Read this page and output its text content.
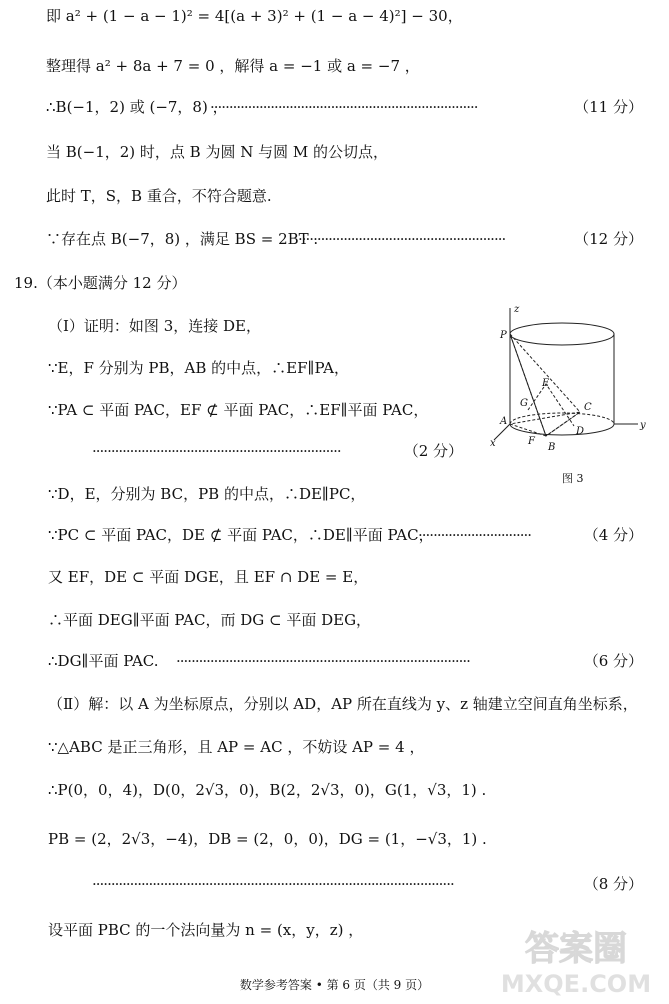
即 a² + (1 − a − 1)² = 4[(a + 3)² + (1 − a − 4)²] − 30，
整理得 a² + 8a + 7 = 0 ，解得 a = −1 或 a = −7 ，
∴B(−1，2) 或 (−7，8) ，
·······································································	（11 分）
当 B(−1，2) 时，点 B 为圆 N 与圆 M 的公切点，
此时 T，S，B 重合，不符合题意.
∵存在点 B(−7，8) ，满足 BS = 2BT .
·······················································	（12 分）
19.（本小题满分 12 分）
（Ⅰ）证明：如图 3，连接 DE，
∵E，F 分别为 PB，AB 的中点，∴EF∥PA，
∵PA ⊂ 平面 PAC，EF ⊄ 平面 PAC，∴EF∥平面 PAC，
··································································	（2 分）
∵D，E，分别为 BC，PB 的中点，∴DE∥PC，
∵PC ⊂ 平面 PAC，DE ⊄ 平面 PAC，∴DE∥平面 PAC，
······························	（4 分）
又 EF，DE ⊂ 平面 DGE，且 EF ∩ DE = E，
∴平面 DEG∥平面 PAC，而 DG ⊂ 平面 DEG，
∴DG∥平面 PAC. ··············································································	（6 分）
（Ⅱ）解：以 A 为坐标原点，分别以 AD，AP 所在直线为 y、z 轴建立空间直角坐标系，
∵△ABC 是正三角形，且 AP = AC ，不妨设 AP = 4 ，
∴P(0，0，4)，D(0，2√3，0)，B(2，2√3，0)，G(1，√3，1) .
PB = (2，2√3，−4)，DB = (2，0，0)，DG = (1，−√3，1) .
································································································	（8 分）
设平面 PBC 的一个法向量为 n = (x，y，z) ，
z
y
x
P
E
G	C
A
F
D
B
图 3
答案圈
MXQE.COM
数学参考答案 • 第 6 页（共 9 页）
